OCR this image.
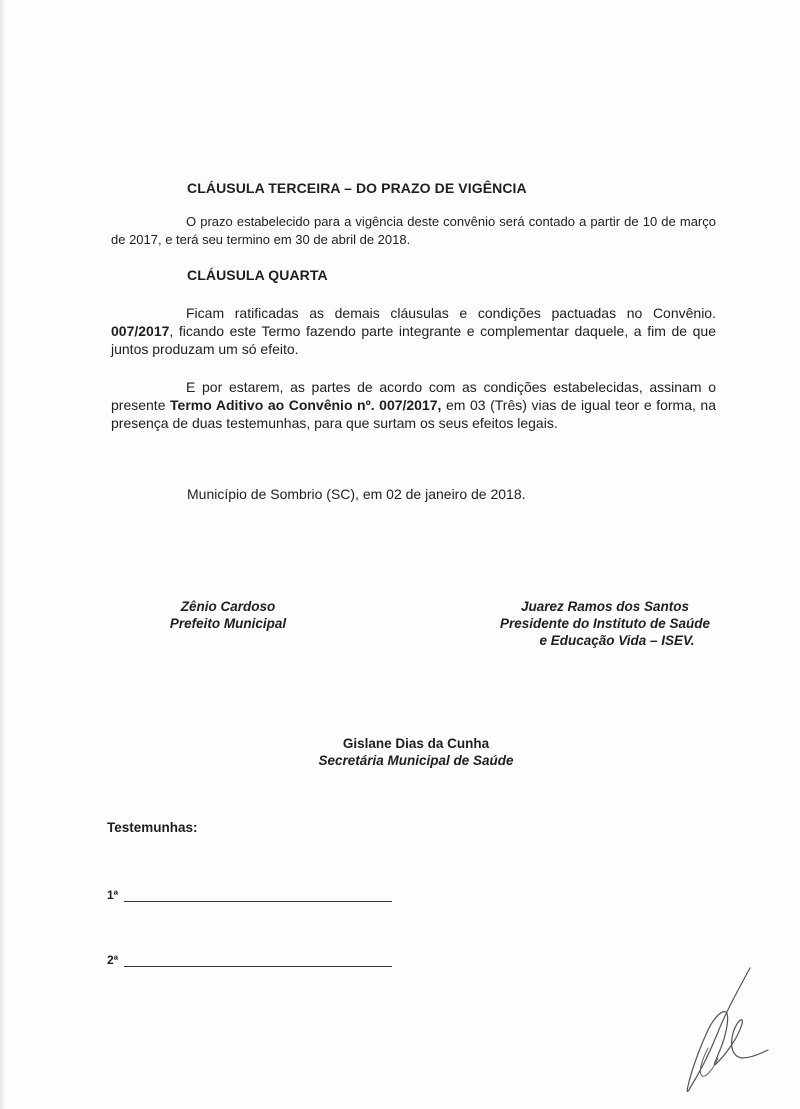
CLÁUSULA TERCEIRA – DO PRAZO DE VIGÊNCIA

O prazo estabelecido para a vigência deste convênio será contado a partir de 10 de março de 2017, e terá seu termino em 30 de abril de 2018.

CLÁUSULA QUARTA

Ficam ratificadas as demais cláusulas e condições pactuadas no Convênio. 007/2017, ficando este Termo fazendo parte integrante e complementar daquele, a fim de que juntos produzam um só efeito.

E por estarem, as partes de acordo com as condições estabelecidas, assinam o presente Termo Aditivo ao Convênio nº. 007/2017, em 03 (Três) vias de igual teor e forma, na presença de duas testemunhas, para que surtam os seus efeitos legais.

Município de Sombrio (SC), em 02 de janeiro de 2018.
Zênio Cardoso
Prefeito Municipal
Juarez Ramos dos Santos
Presidente do Instituto de Saúde
e Educação Vida – ISEV.
Gislane Dias da Cunha
Secretária Municipal de Saúde
Testemunhas:
1ª
2ª
